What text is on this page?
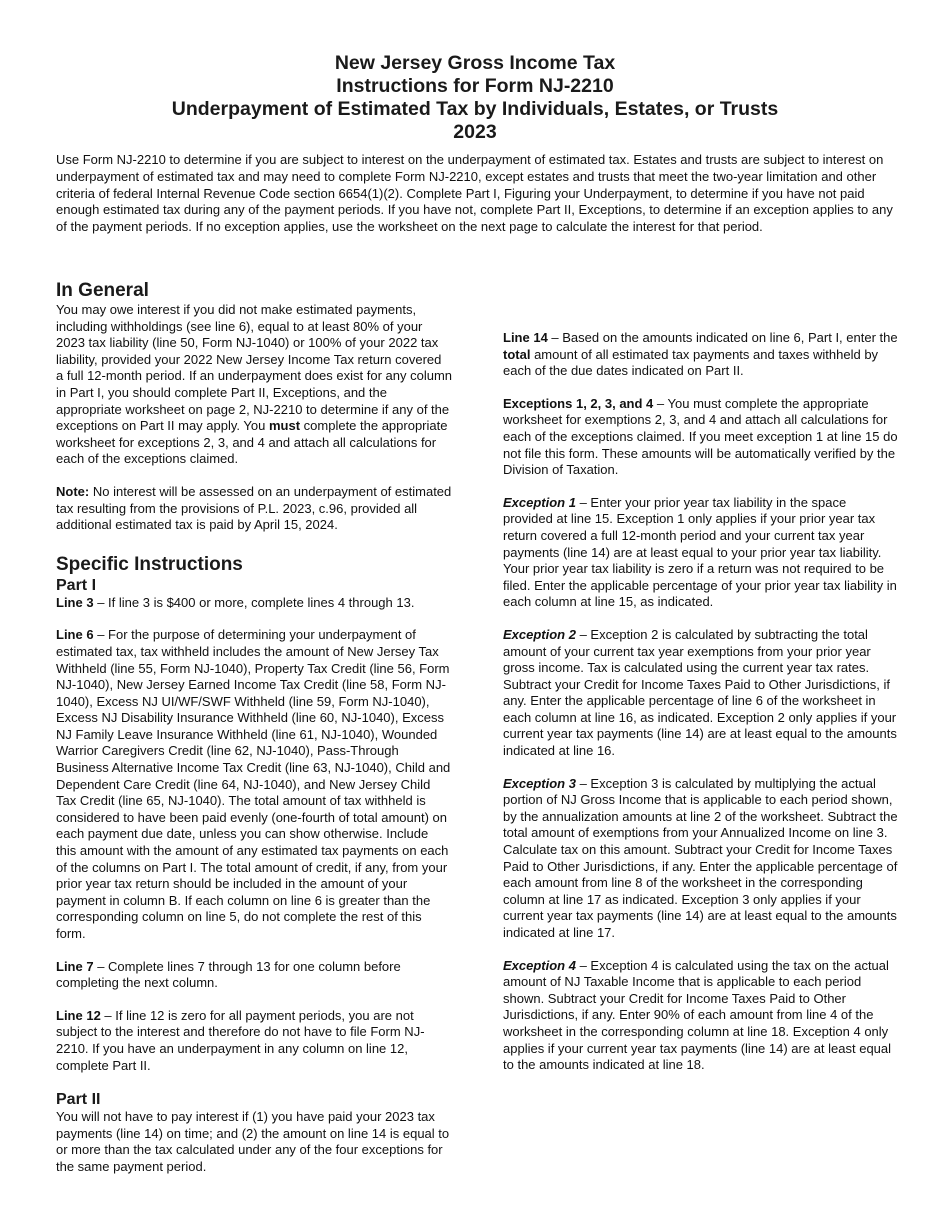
New Jersey Gross Income Tax
Instructions for Form NJ-2210
Underpayment of Estimated Tax by Individuals, Estates, or Trusts
2023

Use Form NJ-2210 to determine if you are subject to interest on the underpayment of estimated tax. Estates and trusts are subject to interest on underpayment of estimated tax and may need to complete Form NJ-2210, except estates and trusts that meet the two-year limitation and other criteria of federal Internal Revenue Code section 6654(1)(2). Complete Part I, Figuring your Underpayment, to determine if you have not paid enough estimated tax during any of the payment periods. If you have not, complete Part II, Exceptions, to determine if an exception applies to any of the payment periods. If no exception applies, use the worksheet on the next page to calculate the interest for that period.

In General

You may owe interest if you did not make estimated payments, including withholdings (see line 6), equal to at least 80% of your 2023 tax liability (line 50, Form NJ-1040) or 100% of your 2022 tax liability, provided your 2022 New Jersey Income Tax return covered a full 12-month period. If an underpayment does exist for any column in Part I, you should complete Part II, Exceptions, and the appropriate worksheet on page 2, NJ-2210 to determine if any of the exceptions on Part II may apply. You must complete the appropriate worksheet for exceptions 2, 3, and 4 and attach all calculations for each of the exceptions claimed.

Note: No interest will be assessed on an underpayment of estimated tax resulting from the provisions of P.L. 2023, c.96, provided all additional estimated tax is paid by April 15, 2024.

Specific Instructions
Part I

Line 3 – If line 3 is $400 or more, complete lines 4 through 13.

Line 6 – For the purpose of determining your underpayment of estimated tax, tax withheld includes the amount of New Jersey Tax Withheld (line 55, Form NJ-1040), Property Tax Credit (line 56, Form NJ-1040), New Jersey Earned Income Tax Credit (line 58, Form NJ-1040), Excess NJ UI/WF/SWF Withheld (line 59, Form NJ-1040), Excess NJ Disability Insurance Withheld (line 60, NJ-1040), Excess NJ Family Leave Insurance Withheld (line 61, NJ-1040), Wounded Warrior Caregivers Credit (line 62, NJ-1040), Pass-Through Business Alternative Income Tax Credit (line 63, NJ-1040), Child and Dependent Care Credit (line 64, NJ-1040), and New Jersey Child Tax Credit (line 65, NJ-1040). The total amount of tax withheld is considered to have been paid evenly (one-fourth of total amount) on each payment due date, unless you can show otherwise. Include this amount with the amount of any estimated tax payments on each of the columns on Part I. The total amount of credit, if any, from your prior year tax return should be included in the amount of your payment in column B. If each column on line 6 is greater than the corresponding column on line 5, do not complete the rest of this form.

Line 7 – Complete lines 7 through 13 for one column before completing the next column.

Line 12 – If line 12 is zero for all payment periods, you are not subject to the interest and therefore do not have to file Form NJ-2210. If you have an underpayment in any column on line 12, complete Part II.

Part II

You will not have to pay interest if (1) you have paid your 2023 tax payments (line 14) on time; and (2) the amount on line 14 is equal to or more than the tax calculated under any of the four exceptions for the same payment period.

Line 14 – Based on the amounts indicated on line 6, Part I, enter the total amount of all estimated tax payments and taxes withheld by each of the due dates indicated on Part II.

Exceptions 1, 2, 3, and 4 – You must complete the appropriate worksheet for exemptions 2, 3, and 4 and attach all calculations for each of the exceptions claimed. If you meet exception 1 at line 15 do not file this form. These amounts will be automatically verified by the Division of Taxation.

Exception 1 – Enter your prior year tax liability in the space provided at line 15. Exception 1 only applies if your prior year tax return covered a full 12-month period and your current tax year payments (line 14) are at least equal to your prior year tax liability. Your prior year tax liability is zero if a return was not required to be filed. Enter the applicable percentage of your prior year tax liability in each column at line 15, as indicated.

Exception 2 – Exception 2 is calculated by subtracting the total amount of your current tax year exemptions from your prior year gross income. Tax is calculated using the current year tax rates. Subtract your Credit for Income Taxes Paid to Other Jurisdictions, if any. Enter the applicable percentage of line 6 of the worksheet in each column at line 16, as indicated. Exception 2 only applies if your current year tax payments (line 14) are at least equal to the amounts indicated at line 16.

Exception 3 – Exception 3 is calculated by multiplying the actual portion of NJ Gross Income that is applicable to each period shown, by the annualization amounts at line 2 of the worksheet. Subtract the total amount of exemptions from your Annualized Income on line 3. Calculate tax on this amount. Subtract your Credit for Income Taxes Paid to Other Jurisdictions, if any. Enter the applicable percentage of each amount from line 8 of the worksheet in the corresponding column at line 17 as indicated. Exception 3 only applies if your current year tax payments (line 14) are at least equal to the amounts indicated at line 17.

Exception 4 – Exception 4 is calculated using the tax on the actual amount of NJ Taxable Income that is applicable to each period shown. Subtract your Credit for Income Taxes Paid to Other Jurisdictions, if any. Enter 90% of each amount from line 4 of the worksheet in the corresponding column at line 18. Exception 4 only applies if your current year tax payments (line 14) are at least equal to the amounts indicated at line 18.
